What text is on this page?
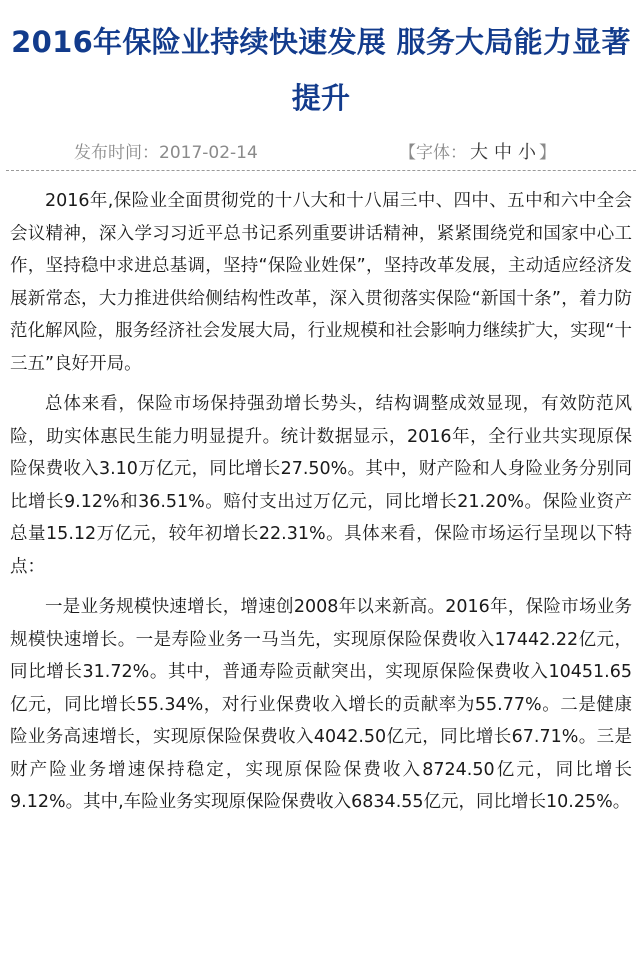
2016年保险业持续快速发展 服务大局能力显著提升
发布时间：2017-02-14	【字体： 大 中 小 】

2016年,保险业全面贯彻党的十八大和十八届三中、四中、五中和六中全会会议精神，深入学习习近平总书记系列重要讲话精神，紧紧围绕党和国家中心工作，坚持稳中求进总基调，坚持“保险业姓保”，坚持改革发展，主动适应经济发展新常态，大力推进供给侧结构性改革，深入贯彻落实保险“新国十条”，着力防范化解风险，服务经济社会发展大局，行业规模和社会影响力继续扩大，实现“十三五”良好开局。

总体来看，保险市场保持强劲增长势头，结构调整成效显现，有效防范风险，助实体惠民生能力明显提升。统计数据显示，2016年，全行业共实现原保险保费收入3.10万亿元，同比增长27.50%。其中，财产险和人身险业务分别同比增长9.12%和36.51%。赔付支出过万亿元，同比增长21.20%。保险业资产总量15.12万亿元，较年初增长22.31%。具体来看，保险市场运行呈现以下特点：

一是业务规模快速增长，增速创2008年以来新高。2016年，保险市场业务规模快速增长。一是寿险业务一马当先，实现原保险保费收入17442.22亿元，同比增长31.72%。其中，普通寿险贡献突出，实现原保险保费收入10451.65亿元，同比增长55.34%，对行业保费收入增长的贡献率为55.77%。二是健康险业务高速增长，实现原保险保费收入4042.50亿元，同比增长67.71%。三是财产险业务增速保持稳定，实现原保险保费收入8724.50亿元，同比增长9.12%。其中,车险业务实现原保险保费收入6834.55亿元，同比增长10.25%。
